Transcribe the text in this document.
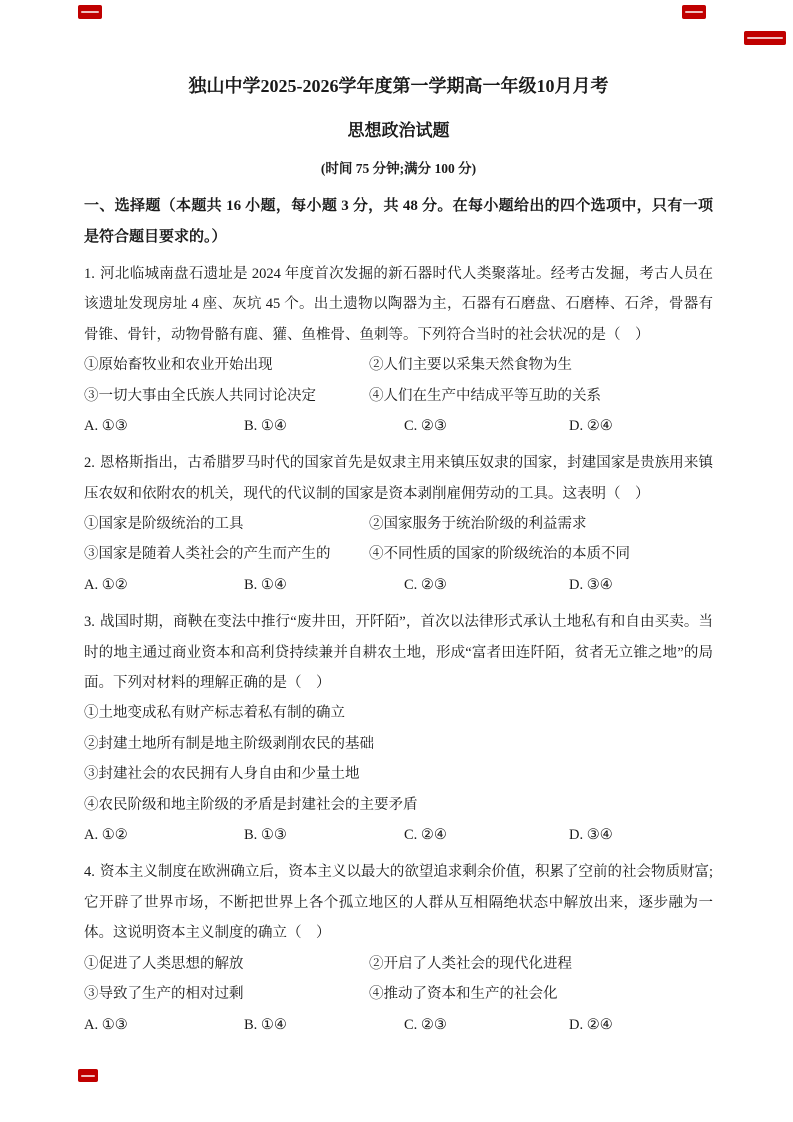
独山中学2025-2026学年度第一学期高一年级10月月考
思想政治试题
(时间 75 分钟;满分 100 分)
一、选择题（本题共 16 小题，每小题 3 分，共 48 分。在每小题给出的四个选项中，只有一项是符合题目要求的。）

1. 河北临城南盘石遗址是 2024 年度首次发掘的新石器时代人类聚落址。经考古发掘，考古人员在该遗址发现房址 4 座、灰坑 45 个。出土遗物以陶器为主，石器有石磨盘、石磨棒、石斧，骨器有骨锥、骨针，动物骨骼有鹿、獾、鱼椎骨、鱼刺等。下列符合当时的社会状况的是（　）

①原始畜牧业和农业开始出现	②人们主要以采集天然食物为生
③一切大事由全氏族人共同讨论决定	④人们在生产中结成平等互助的关系
A. ①③	B. ①④	C. ②③	D. ②④

2. 恩格斯指出，古希腊罗马时代的国家首先是奴隶主用来镇压奴隶的国家，封建国家是贵族用来镇压农奴和依附农的机关，现代的代议制的国家是资本剥削雇佣劳动的工具。这表明（　）

①国家是阶级统治的工具	②国家服务于统治阶级的利益需求
③国家是随着人类社会的产生而产生的	④不同性质的国家的阶级统治的本质不同
A. ①②	B. ①④	C. ②③	D. ③④

3. 战国时期，商鞅在变法中推行“废井田，开阡陌”，首次以法律形式承认土地私有和自由买卖。当时的地主通过商业资本和高利贷持续兼并自耕农土地，形成“富者田连阡陌，贫者无立锥之地”的局面。下列对材料的理解正确的是（　）

①土地变成私有财产标志着私有制的确立
②封建土地所有制是地主阶级剥削农民的基础
③封建社会的农民拥有人身自由和少量土地
④农民阶级和地主阶级的矛盾是封建社会的主要矛盾
A. ①②	B. ①③	C. ②④	D. ③④

4. 资本主义制度在欧洲确立后，资本主义以最大的欲望追求剩余价值，积累了空前的社会物质财富;它开辟了世界市场，不断把世界上各个孤立地区的人群从互相隔绝状态中解放出来，逐步融为一体。这说明资本主义制度的确立（　）

①促进了人类思想的解放	②开启了人类社会的现代化进程
③导致了生产的相对过剩	④推动了资本和生产的社会化
A. ①③	B. ①④	C. ②③	D. ②④
